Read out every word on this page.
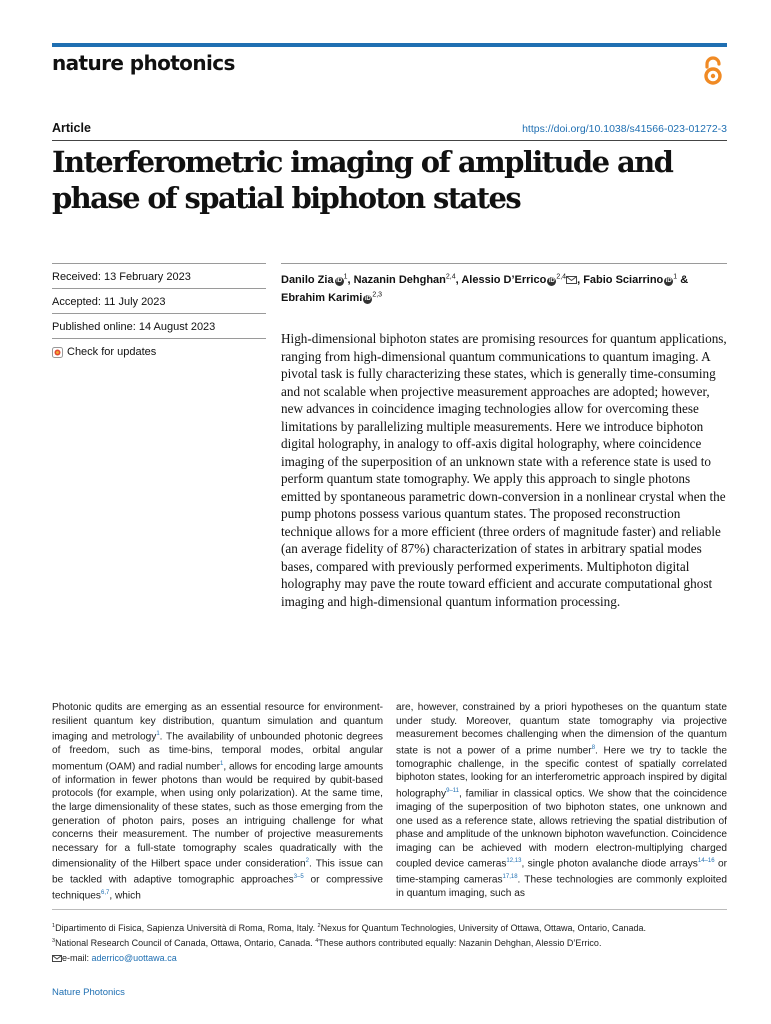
nature photonics
Article	https://doi.org/10.1038/s41566-023-01272-3
Interferometric imaging of amplitude and phase of spatial biphoton states
Received: 13 February 2023
Accepted: 11 July 2023
Published online: 14 August 2023
Check for updates

Danilo Zia $iD^1$, Nazanin Dehghan$^{2,4}$, Alessio D’Errico iD$^{2,4}$ , Fabio Sciarrino $iD^1$ & Ebrahim Karimi iD$^{2,3}$

High-dimensional biphoton states are promising resources for quantum applications, ranging from high-dimensional quantum communications to quantum imaging. A pivotal task is fully characterizing these states, which is generally time-consuming and not scalable when projective measurement approaches are adopted; however, new advances in coincidence imaging technologies allow for overcoming these limitations by parallelizing multiple measurements. Here we introduce biphoton digital holography, in analogy to off-axis digital holography, where coincidence imaging of the superposition of an unknown state with a reference state is used to perform quantum state tomography. We apply this approach to single photons emitted by spontaneous parametric down-conversion in a nonlinear crystal when the pump photons possess various quantum states. The proposed reconstruction technique allows for a more efficient (three orders of magnitude faster) and reliable (an average fidelity of 87%) characterization of states in arbitrary spatial modes bases, compared with previously performed experiments. Multiphoton digital holography may pave the route toward efficient and accurate computational ghost imaging and high-dimensional quantum information processing.

Photonic qudits are emerging as an essential resource for environment-resilient quantum key distribution, quantum simulation and quantum imaging and metrology$^1$. The availability of unbounded photonic degrees of freedom, such as time-bins, temporal modes, orbital angular momentum (OAM) and radial number$^1$, allows for encoding large amounts of information in fewer photons than would be required by qubit-based protocols (for example, when using only polarization). At the same time, the large dimensionality of these states, such as those emerging from the generation of photon pairs, poses an intriguing challenge for what concerns their measurement. The number of projective measurements necessary for a full-state tomography scales quadratically with the dimensionality of the Hilbert space under consideration$^2$. This issue can be tackled with adaptive tomographic approaches$^{3-5}$ or compressive techniques$^{6,7}$, which

are, however, constrained by a priori hypotheses on the quantum state under study. Moreover, quantum state tomography via projective measurement becomes challenging when the dimension of the quantum state is not a power of a prime number$^8$. Here we try to tackle the tomographic challenge, in the specific contest of spatially correlated biphoton states, looking for an interferometric approach inspired by digital holography$^{9-11}$, familiar in classical optics. We show that the coincidence imaging of the superposition of two biphoton states, one unknown and one used as a reference state, allows retrieving the spatial distribution of phase and amplitude of the unknown biphoton wavefunction. Coincidence imaging can be achieved with modern electron-multiplying charged coupled device cameras$^{12,13}$, single photon avalanche diode arrays$^{14-16}$ or time-stamping cameras$^{17,18}$. These technologies are commonly exploited in quantum imaging, such as

$^1$Dipartimento di Fisica, Sapienza Università di Roma, Roma, Italy. $^2$Nexus for Quantum Technologies, University of Ottawa, Ottawa, Ontario, Canada.
$^3$National Research Council of Canada, Ottawa, Ontario, Canada. $^4$These authors contributed equally: Nazanin Dehghan, Alessio D’Errico.
e-mail: aderrico@uottawa.ca
Nature Photonics
